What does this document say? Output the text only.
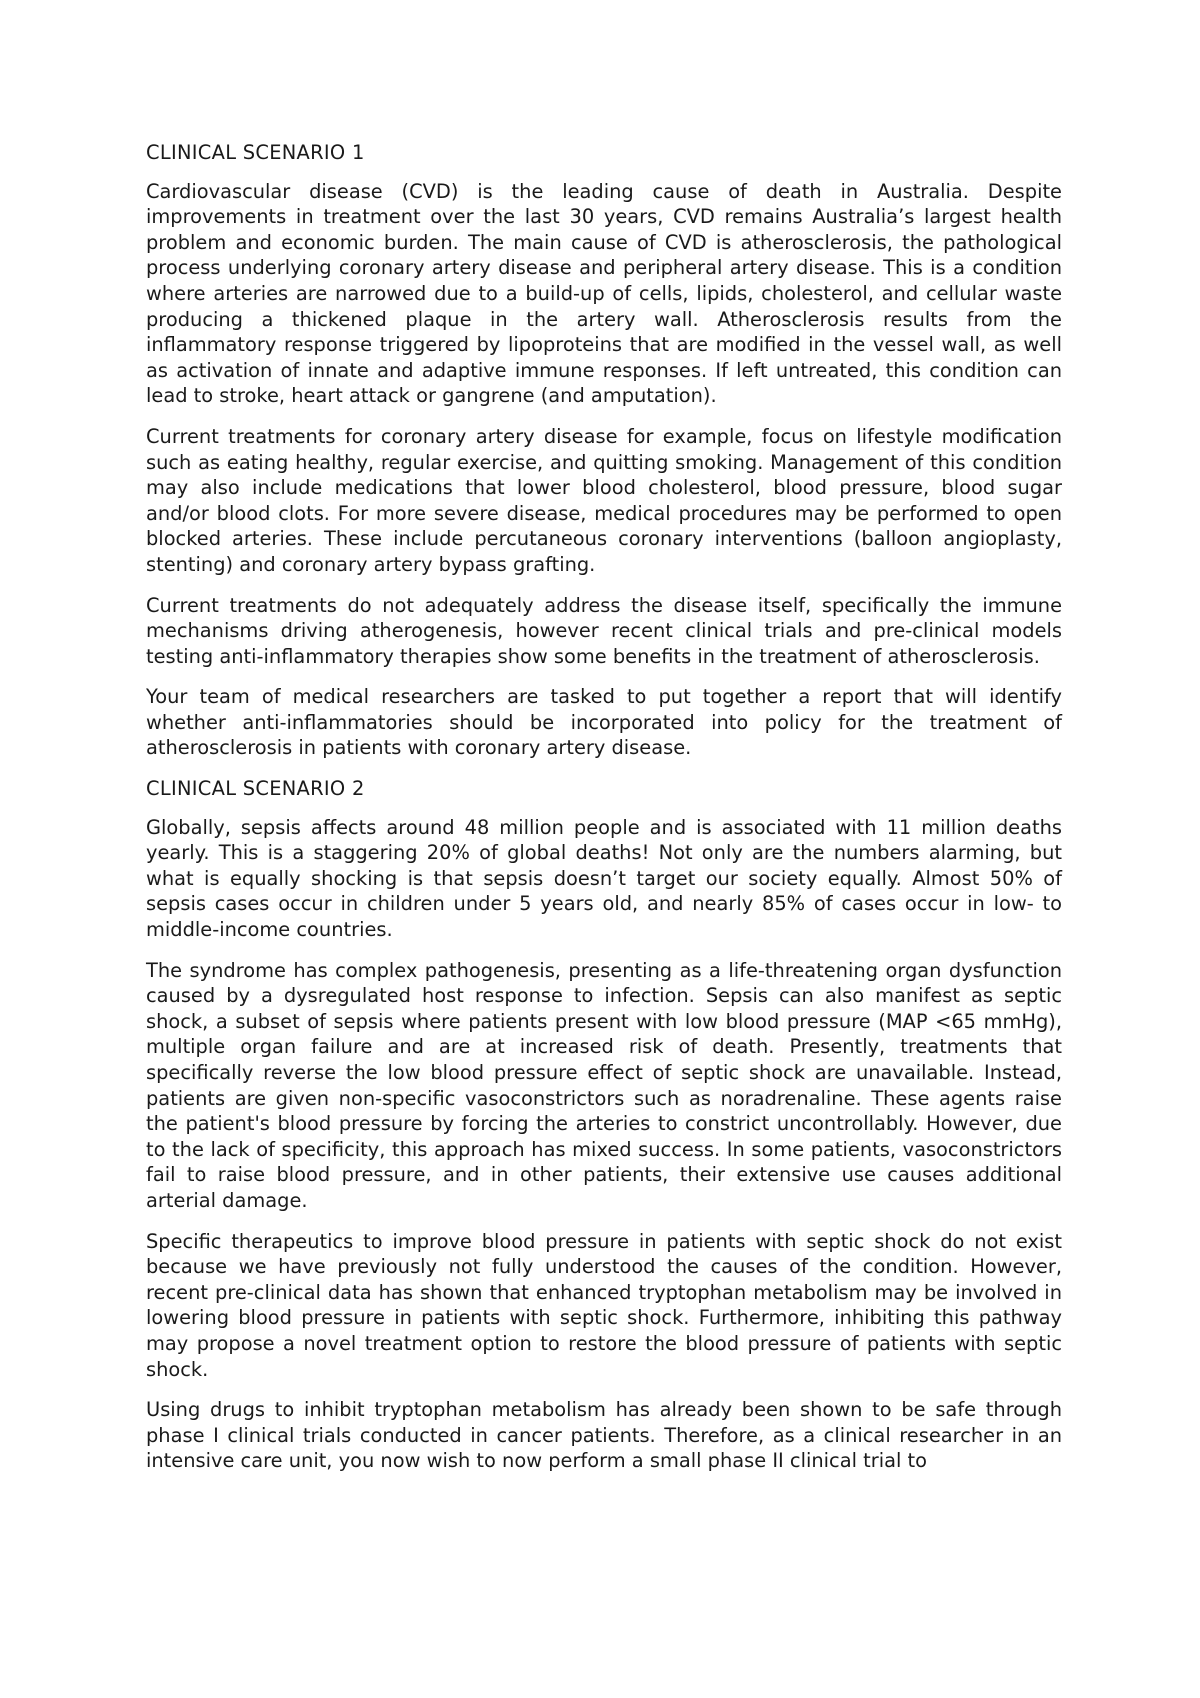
CLINICAL SCENARIO 1

Cardiovascular disease (CVD) is the leading cause of death in Australia. Despite improvements in treatment over the last 30 years, CVD remains Australia’s largest health problem and economic burden. The main cause of CVD is atherosclerosis, the pathological process underlying coronary artery disease and peripheral artery disease. This is a condition where arteries are narrowed due to a build-up of cells, lipids, cholesterol, and cellular waste producing a thickened plaque in the artery wall. Atherosclerosis results from the inflammatory response triggered by lipoproteins that are modified in the vessel wall, as well as activation of innate and adaptive immune responses. If left untreated, this condition can lead to stroke, heart attack or gangrene (and amputation).

Current treatments for coronary artery disease for example, focus on lifestyle modification such as eating healthy, regular exercise, and quitting smoking. Management of this condition may also include medications that lower blood cholesterol, blood pressure, blood sugar and/or blood clots. For more severe disease, medical procedures may be performed to open blocked arteries. These include percutaneous coronary interventions (balloon angioplasty, stenting) and coronary artery bypass grafting.

Current treatments do not adequately address the disease itself, specifically the immune mechanisms driving atherogenesis, however recent clinical trials and pre-clinical models testing anti-inflammatory therapies show some benefits in the treatment of atherosclerosis.

Your team of medical researchers are tasked to put together a report that will identify whether anti-inflammatories should be incorporated into policy for the treatment of atherosclerosis in patients with coronary artery disease.

CLINICAL SCENARIO 2

Globally, sepsis affects around 48 million people and is associated with 11 million deaths yearly. This is a staggering 20% of global deaths! Not only are the numbers alarming, but what is equally shocking is that sepsis doesn’t target our society equally. Almost 50% of sepsis cases occur in children under 5 years old, and nearly 85% of cases occur in low- to middle-income countries.

The syndrome has complex pathogenesis, presenting as a life-threatening organ dysfunction caused by a dysregulated host response to infection. Sepsis can also manifest as septic shock, a subset of sepsis where patients present with low blood pressure (MAP <65 mmHg), multiple organ failure and are at increased risk of death. Presently, treatments that specifically reverse the low blood pressure effect of septic shock are unavailable. Instead, patients are given non-specific vasoconstrictors such as noradrenaline. These agents raise the patient's blood pressure by forcing the arteries to constrict uncontrollably. However, due to the lack of specificity, this approach has mixed success. In some patients, vasoconstrictors fail to raise blood pressure, and in other patients, their extensive use causes additional arterial damage.

Specific therapeutics to improve blood pressure in patients with septic shock do not exist because we have previously not fully understood the causes of the condition. However, recent pre-clinical data has shown that enhanced tryptophan metabolism may be involved in lowering blood pressure in patients with septic shock. Furthermore, inhibiting this pathway may propose a novel treatment option to restore the blood pressure of patients with septic shock.

Using drugs to inhibit tryptophan metabolism has already been shown to be safe through phase I clinical trials conducted in cancer patients. Therefore, as a clinical researcher in an intensive care unit, you now wish to now perform a small phase II clinical trial to
